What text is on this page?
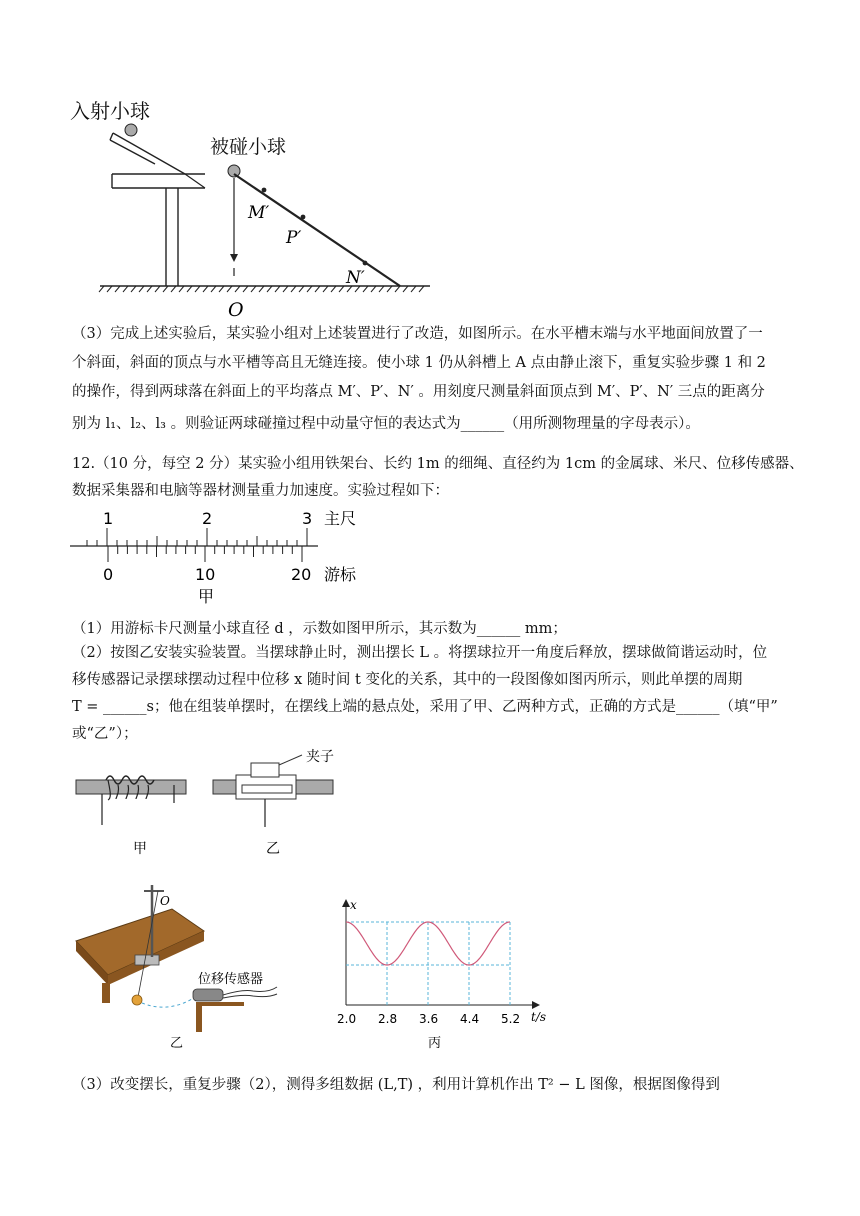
入射小球
被碰小球
M′
P′
N′
O
（3）完成上述实验后，某实验小组对上述装置进行了改造，如图所示。在水平槽末端与水平地面间放置了一
个斜面，斜面的顶点与水平槽等高且无缝连接。使小球 1 仍从斜槽上 A 点由静止滚下，重复实验步骤 1 和 2
的操作，得到两球落在斜面上的平均落点 M′、P′、N′ 。用刻度尺测量斜面顶点到 M′、P′、N′ 三点的距离分
别为 l₁、l₂、l₃ 。则验证两球碰撞过程中动量守恒的表达式为______（用所测物理量的字母表示）。
12.（10 分，每空 2 分）某实验小组用铁架台、长约 1m 的细绳、直径约为 1cm 的金属球、米尺、位移传感器、
数据采集器和电脑等器材测量重力加速度。实验过程如下：
1	2	3 主尺
0	10	20 游标
甲
（1）用游标卡尺测量小球直径 d ，示数如图甲所示，其示数为______ mm；
（2）按图乙安装实验装置。当摆球静止时，测出摆长 L 。将摆球拉开一角度后释放，摆球做简谐运动时，位
移传感器记录摆球摆动过程中位移 x 随时间 t 变化的关系，其中的一段图像如图丙所示，则此单摆的周期
T = ______s；他在组装单摆时，在摆线上端的悬点处，采用了甲、乙两种方式，正确的方式是______（填“甲”
或“乙”）；
甲
夹子
乙
O
位移传感器
乙
x
t/s
2.0 2.8 3.6 4.4 5.2
丙
（3）改变摆长，重复步骤（2），测得多组数据 (L,T) ，利用计算机作出 T² − L 图像，根据图像得到
